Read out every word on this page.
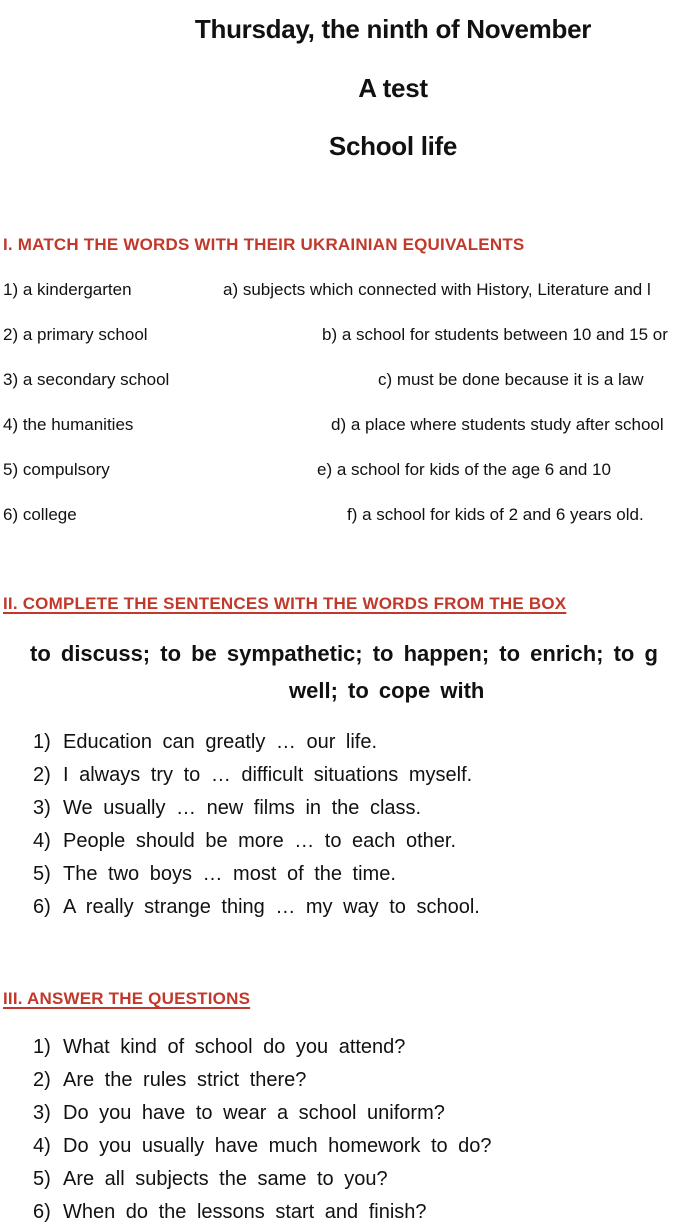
Thursday, the ninth of November
A test
School life
I. MATCH THE WORDS WITH THEIR UKRAINIAN EQUIVALENTS
1) a kindergarten
2) a primary school
3) a secondary school
4) the humanities
5) compulsory
6) college
a) subjects which connected with History, Literature and l
b) a school for students between 10 and 15 or
c) must be done because it is a law
d) a place where students study after school
e) a school for kids of the age 6 and 10
f) a school for kids of 2 and 6 years old.
II. COMPLETE THE SENTENCES WITH THE WORDS FROM THE BOX
to discuss; to be sympathetic; to happen; to enrich; to g
well; to cope with
1) Education can greatly … our life.
2) I always try to … difficult situations myself.
3) We usually … new films in the class.
4) People should be more … to each other.
5) The two boys … most of the time.
6) A really strange thing … my way to school.
III. ANSWER THE QUESTIONS
1) What kind of school do you attend?
2) Are the rules strict there?
3) Do you have to wear a school uniform?
4) Do you usually have much homework to do?
5) Are all subjects the same to you?
6) When do the lessons start and finish?
